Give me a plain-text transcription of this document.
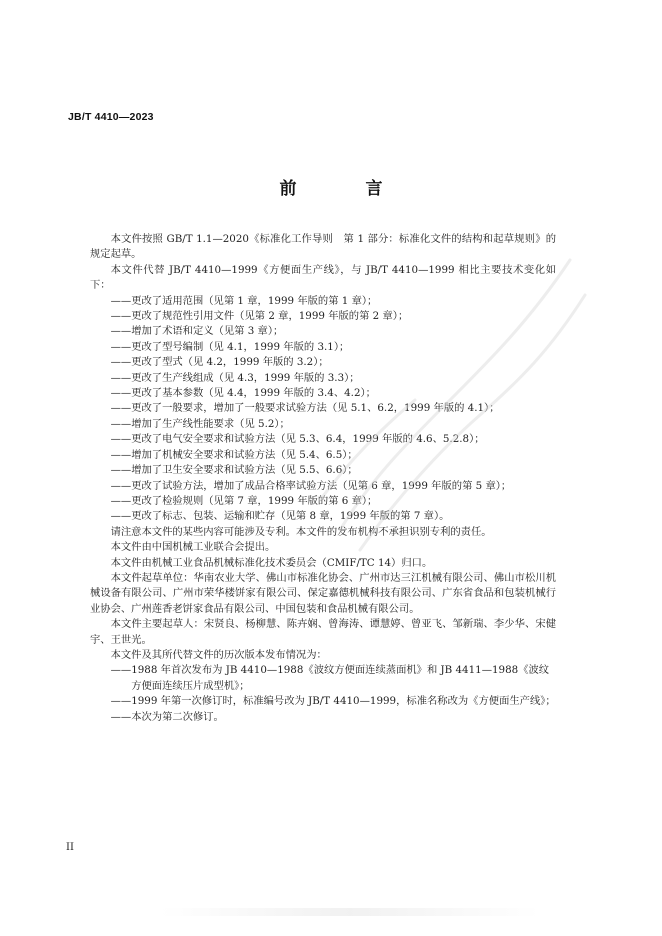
JB/T 4410—2023
前　言

本文件按照 GB/T 1.1—2020《标准化工作导则　第 1 部分：标准化文件的结构和起草规则》的规定起草。

本文件代替 JB/T 4410—1999《方便面生产线》，与 JB/T 4410—1999 相比主要技术变化如下：

——更改了适用范围（见第 1 章，1999 年版的第 1 章）；

——更改了规范性引用文件（见第 2 章，1999 年版的第 2 章）；

——增加了术语和定义（见第 3 章）；

——更改了型号编制（见 4.1，1999 年版的 3.1）；

——更改了型式（见 4.2，1999 年版的 3.2）；

——更改了生产线组成（见 4.3，1999 年版的 3.3）；

——更改了基本参数（见 4.4，1999 年版的 3.4、4.2）；

——更改了一般要求，增加了一般要求试验方法（见 5.1、6.2，1999 年版的 4.1）；

——增加了生产线性能要求（见 5.2）；

——更改了电气安全要求和试验方法（见 5.3、6.4，1999 年版的 4.6、5.2.8）；

——增加了机械安全要求和试验方法（见 5.4、6.5）；

——增加了卫生安全要求和试验方法（见 5.5、6.6）；

——更改了试验方法，增加了成品合格率试验方法（见第 6 章，1999 年版的第 5 章）；

——更改了检验规则（见第 7 章，1999 年版的第 6 章）；

——更改了标志、包装、运输和贮存（见第 8 章，1999 年版的第 7 章）。

请注意本文件的某些内容可能涉及专利。本文件的发布机构不承担识别专利的责任。

本文件由中国机械工业联合会提出。

本文件由机械工业食品机械标准化技术委员会（CMIF/TC 14）归口。

本文件起草单位：华南农业大学、佛山市标准化协会、广州市达三江机械有限公司、佛山市松川机械设备有限公司、广州市荣华楼饼家有限公司、保定嘉德机械科技有限公司、广东省食品和包装机械行业协会、广州莲香老饼家食品有限公司、中国包装和食品机械有限公司。

本文件主要起草人：宋贤良、杨柳慧、陈卉娴、曾海涛、谭慧婷、曾亚飞、邹新瑞、李少华、宋健宇、王世光。

本文件及其所代替文件的历次版本发布情况为：

——1988 年首次发布为 JB 4410—1988《波纹方便面连续蒸面机》和 JB 4411—1988《波纹方便面连续压片成型机》；

——1999 年第一次修订时，标准编号改为 JB/T 4410—1999，标准名称改为《方便面生产线》；

——本次为第二次修订。

II
